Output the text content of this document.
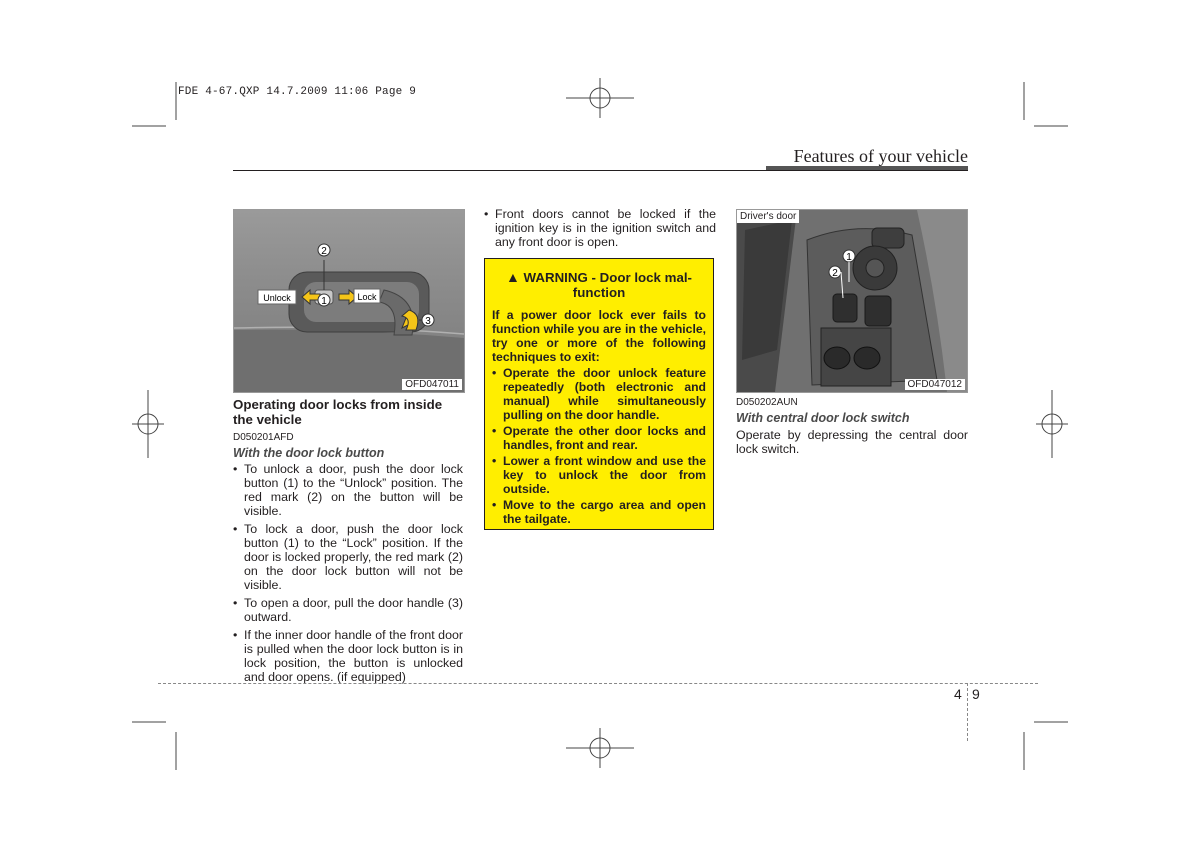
FDE 4-67.QXP 14.7.2009 11:06 Page 9
Features of your vehicle
1
2
3
Unlock	Lock
OFD047011
Operating door locks from inside the vehicle
D050201AFD
With the door lock button
• To unlock a door, push the door lock button (1) to the “Unlock” position. The red mark (2) on the button will be visible.
• To lock a door, push the door lock button (1) to the “Lock” position. If the door is locked properly, the red mark (2) on the door lock button will not be visible.
• To open a door, pull the door handle (3) outward.
• If the inner door handle of the front door is pulled when the door lock button is in lock position, the button is unlocked and door opens. (if equipped)
• Front doors cannot be locked if the ignition key is in the ignition switch and any front door is open.
▲ WARNING - Door lock mal-
function
If a power door lock ever fails to function while you are in the vehicle, try one or more of the following techniques to exit:
• Operate the door unlock feature repeatedly (both electronic and manual) while simultaneously pulling on the door handle.
• Operate the other door locks and handles, front and rear.
• Lower a front window and use the key to unlock the door from outside.
• Move to the cargo area and open the tailgate.
1
2
Driver's door
OFD047012
D050202AUN
With central door lock switch
Operate by depressing the central door lock switch.
4 9
